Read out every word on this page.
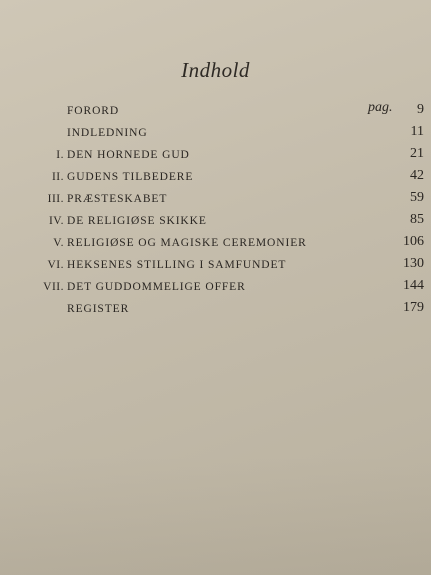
Indhold
pag.
FORORD	9
INDLEDNING	11
I. DEN HORNEDE GUD	21
II. GUDENS TILBEDERE	42
III. PRÆSTESKABET	59
IV. DE RELIGIØSE SKIKKE	85
V. RELIGIØSE OG MAGISKE CEREMONIER	106
VI. HEKSENES STILLING I SAMFUNDET	130
VII. DET GUDDOMMELIGE OFFER	144
REGISTER	179
